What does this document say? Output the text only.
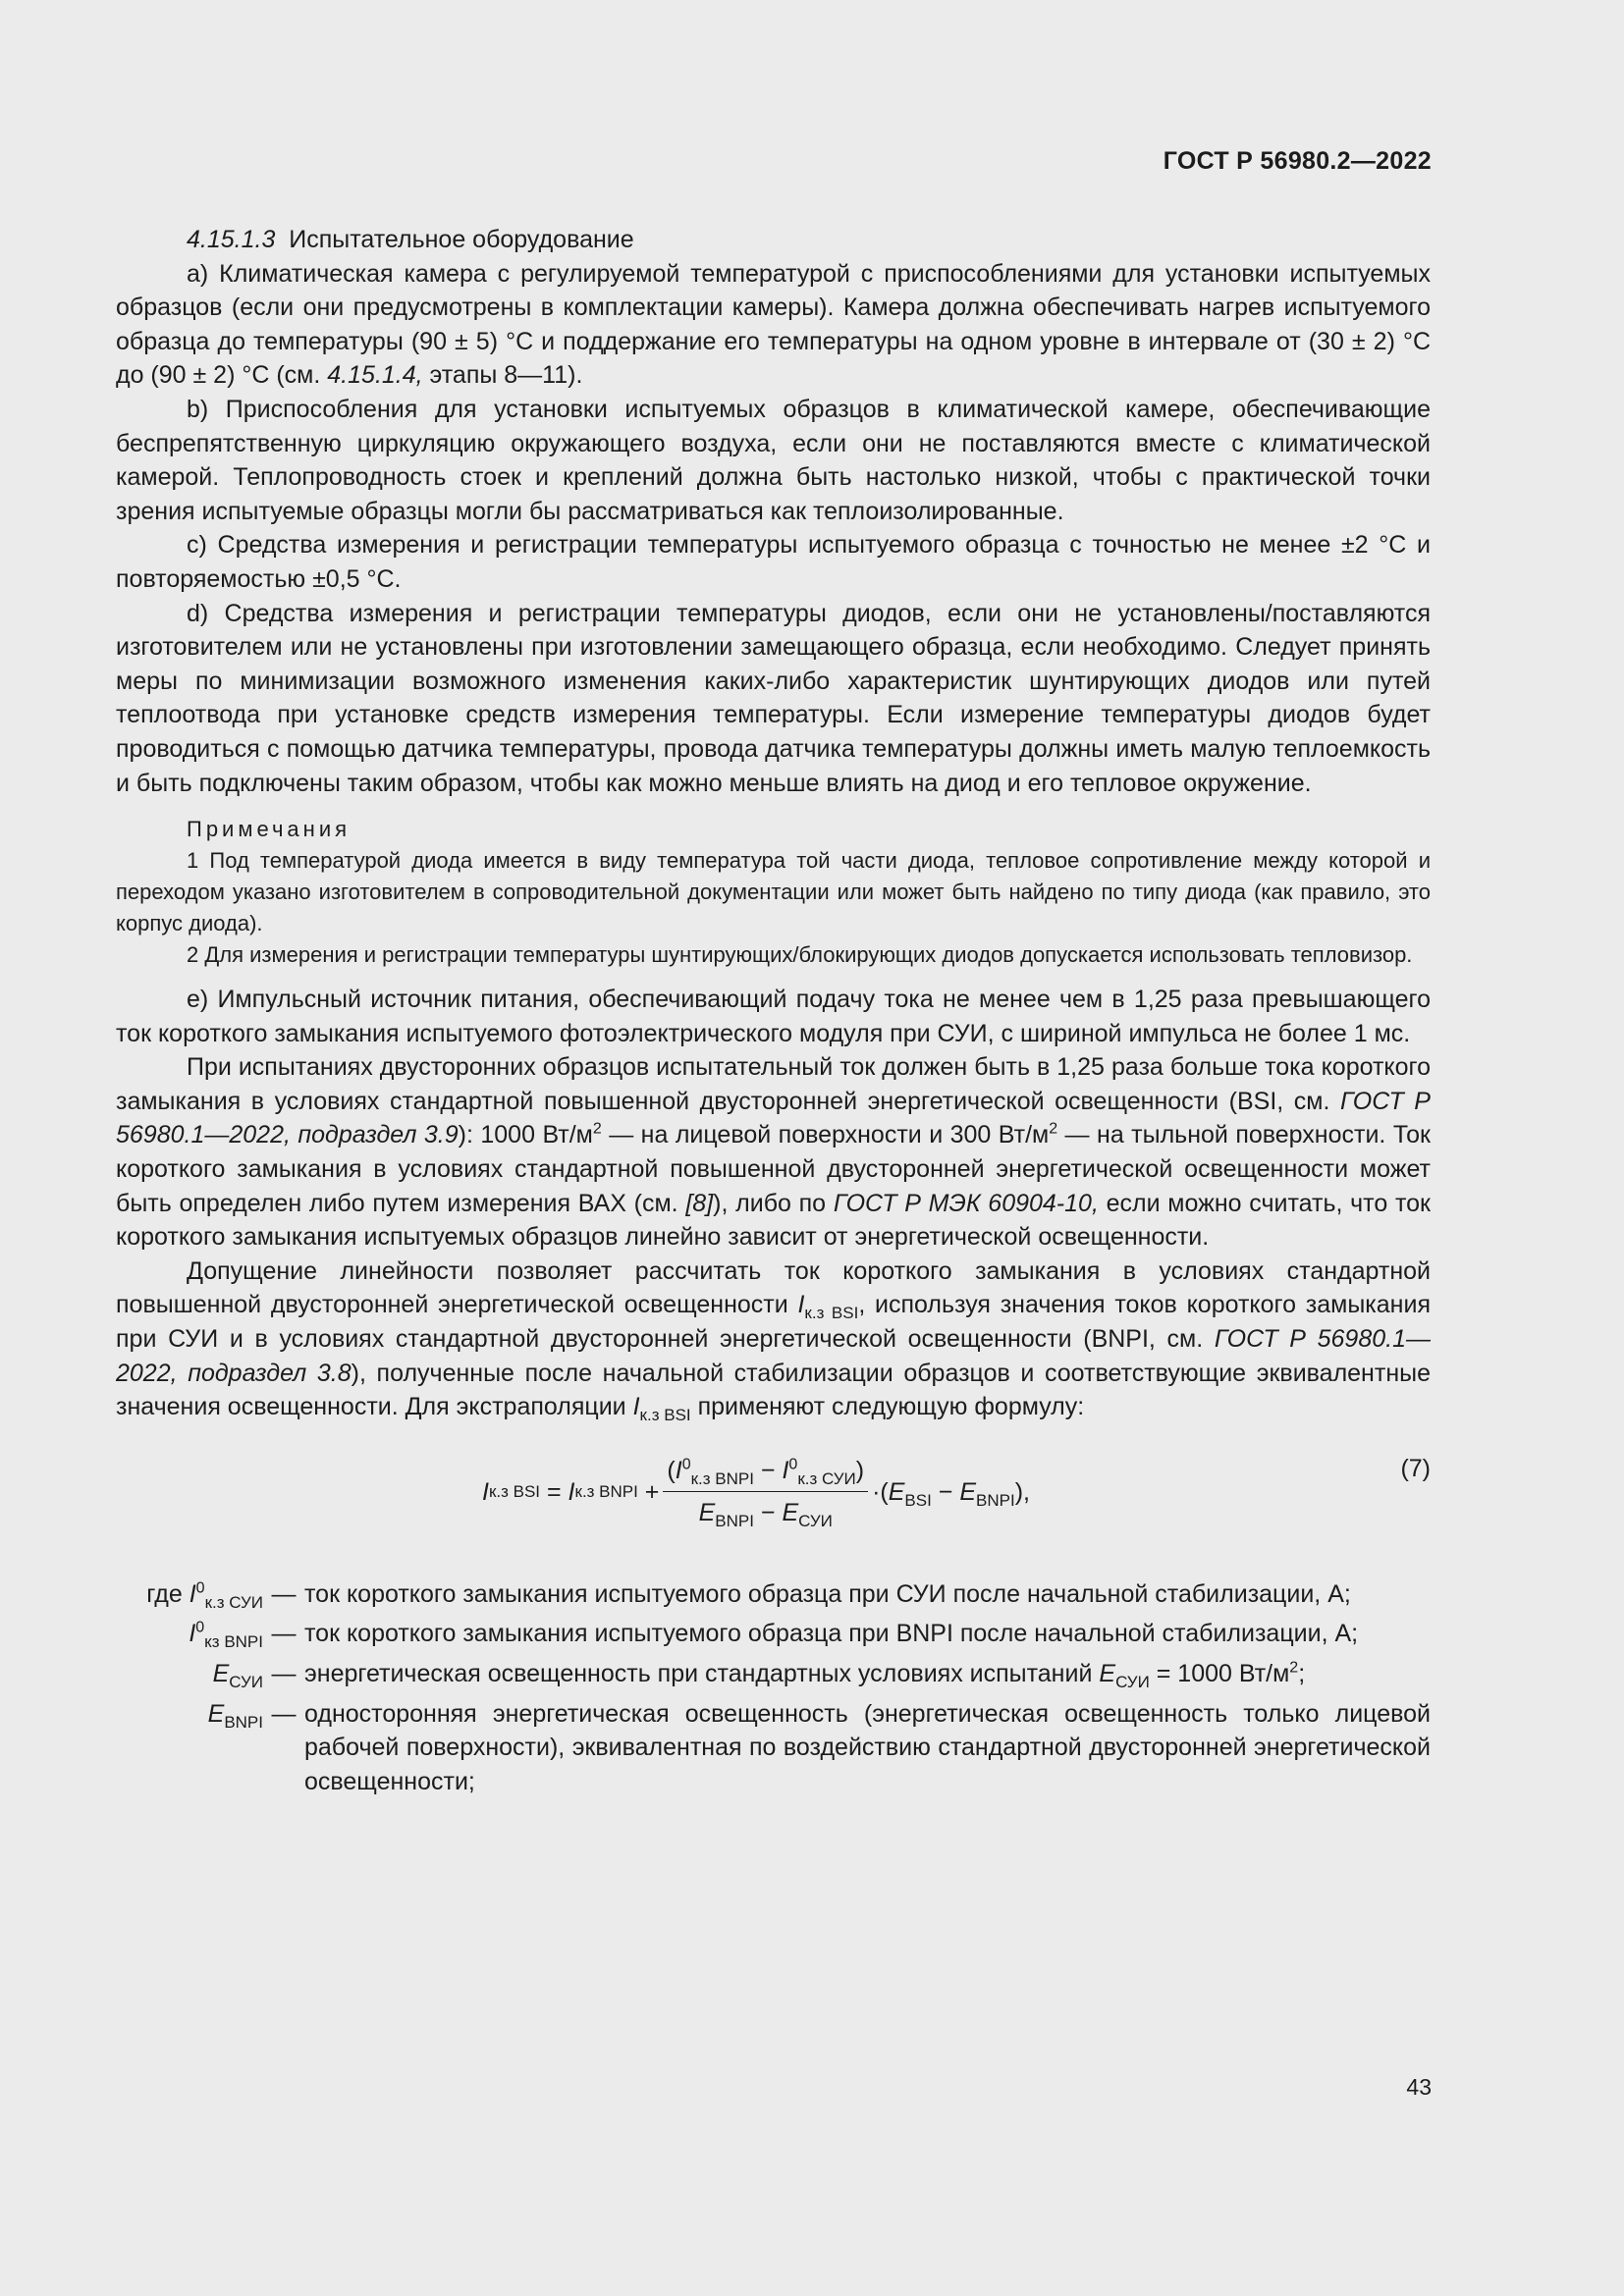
ГОСТ Р 56980.2—2022

4.15.1.3 Испытательное оборудование

a) Климатическая камера с регулируемой температурой с приспособлениями для установки испытуемых образцов (если они предусмотрены в комплектации камеры). Камера должна обеспечивать нагрев испытуемого образца до температуры (90 ± 5) °С и поддержание его температуры на одном уровне в интервале от (30 ± 2) °С до (90 ± 2) °С (см. 4.15.1.4, этапы 8—11).

b) Приспособления для установки испытуемых образцов в климатической камере, обеспечивающие беспрепятственную циркуляцию окружающего воздуха, если они не поставляются вместе с климатической камерой. Теплопроводность стоек и креплений должна быть настолько низкой, чтобы с практической точки зрения испытуемые образцы могли бы рассматриваться как теплоизолированные.

c) Средства измерения и регистрации температуры испытуемого образца с точностью не менее ±2 °С и повторяемостью ±0,5 °С.

d) Средства измерения и регистрации температуры диодов, если они не установлены/поставляются изготовителем или не установлены при изготовлении замещающего образца, если необходимо. Следует принять меры по минимизации возможного изменения каких-либо характеристик шунтирующих диодов или путей теплоотвода при установке средств измерения температуры. Если измерение температуры диодов будет проводиться с помощью датчика температуры, провода датчика температуры должны иметь малую теплоемкость и быть подключены таким образом, чтобы как можно меньше влиять на диод и его тепловое окружение.

Примечания

1 Под температурой диода имеется в виду температура той части диода, тепловое сопротивление между которой и переходом указано изготовителем в сопроводительной документации или может быть найдено по типу диода (как правило, это корпус диода).

2 Для измерения и регистрации температуры шунтирующих/блокирующих диодов допускается использовать тепловизор.

e) Импульсный источник питания, обеспечивающий подачу тока не менее чем в 1,25 раза превышающего ток короткого замыкания испытуемого фотоэлектрического модуля при СУИ, с шириной импульса не более 1 мс.

При испытаниях двусторонних образцов испытательный ток должен быть в 1,25 раза больше тока короткого замыкания в условиях стандартной повышенной двусторонней энергетической освещенности (BSI, см. ГОСТ Р 56980.1—2022, подраздел 3.9): 1000 $Вт/м^2$ — на лицевой поверхности и 300 $Вт/м^2$ — на тыльной поверхности. Ток короткого замыкания в условиях стандартной повышенной двусторонней энергетической освещенности может быть определен либо путем измерения ВАХ (см. [8]), либо по ГОСТ Р МЭК 60904-10, если можно считать, что ток короткого замыкания испытуемых образцов линейно зависит от энергетической освещенности.

Допущение линейности позволяет рассчитать ток короткого замыкания в условиях стандартной повышенной двусторонней энергетической освещенности $I_{к.з BSI}$, используя значения токов короткого замыкания при СУИ и в условиях стандартной двусторонней энергетической освещенности (BNPI, см. ГОСТ Р 56980.1—2022, подраздел 3.8), полученные после начальной стабилизации образцов и соответствующие эквивалентные значения освещенности. Для экстраполяции $I_{к.з BSI}$ применяют следующую формулу:

I к.з BSI = I к.з BNPI + $\frac{(I^0_{к.з BNPI} - I^0_{к.з СУИ})}{E_{BNPI} - E_{СУИ}} \cdot(E_{BSI} - E_{BNPI})$,
(7)
где $I^0_{к.з СУИ}$ — ток короткого замыкания испытуемого образца при СУИ после начальной стабилизации, А;
$I^0_{кз BNPI}$ — ток короткого замыкания испытуемого образца при BNPI после начальной стабилизации, А;
$E_{СУИ}$ — энергетическая освещенность при стандартных условиях испытаний $E_{СУИ} = 1000$ $Вт/м^2$;
$E_{BNPI}$ — односторонняя энергетическая освещенность (энергетическая освещенность только лицевой рабочей поверхности), эквивалентная по воздействию стандартной двусторонней энергетической освещенности;
43
